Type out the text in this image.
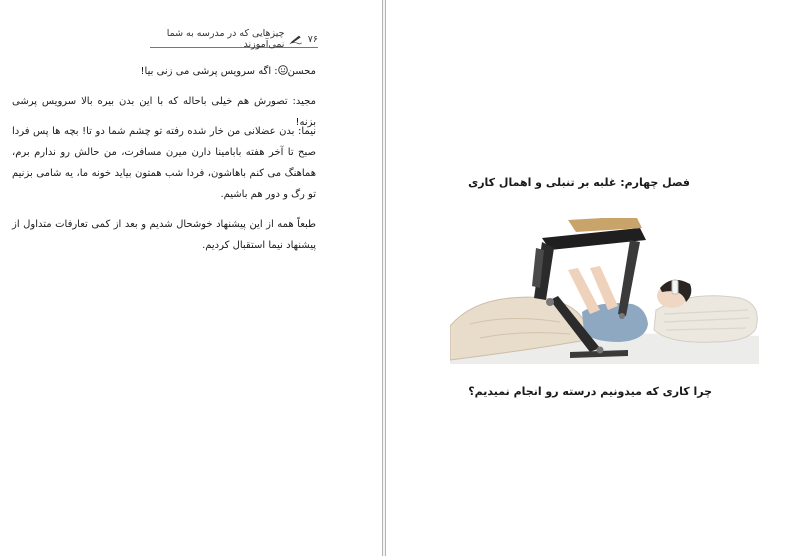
۷۶
چیزهایی که در مدرسه به شما نمی‌آموزند

محسن: اگه سرویس پرشی می زنی بیا!

مجید: تصورش هم خیلی باحاله که با این بدن بیره بالا سرویس پرشی بزنه!

نیما: بدن عضلانی من خار شده رفته تو چشم شما دو تا! بچه ها پس فردا صبح تا آخر هفته بابامینا دارن میرن مسافرت، من حالش رو ندارم برم، هماهنگ می کنم باهاشون، فردا شب همتون بیاید خونه ما، یه شامی بزنیم تو رگ و دور هم باشیم.

طبعاً همه از این پیشنهاد خوشحال شدیم و بعد از کمی تعارفات متداول از پیشنهاد نیما استقبال کردیم.

فصل چهارم: غلبه بر تنبلی و اهمال کاری
چرا کاری که میدونیم درسته رو انجام نمیدیم؟
